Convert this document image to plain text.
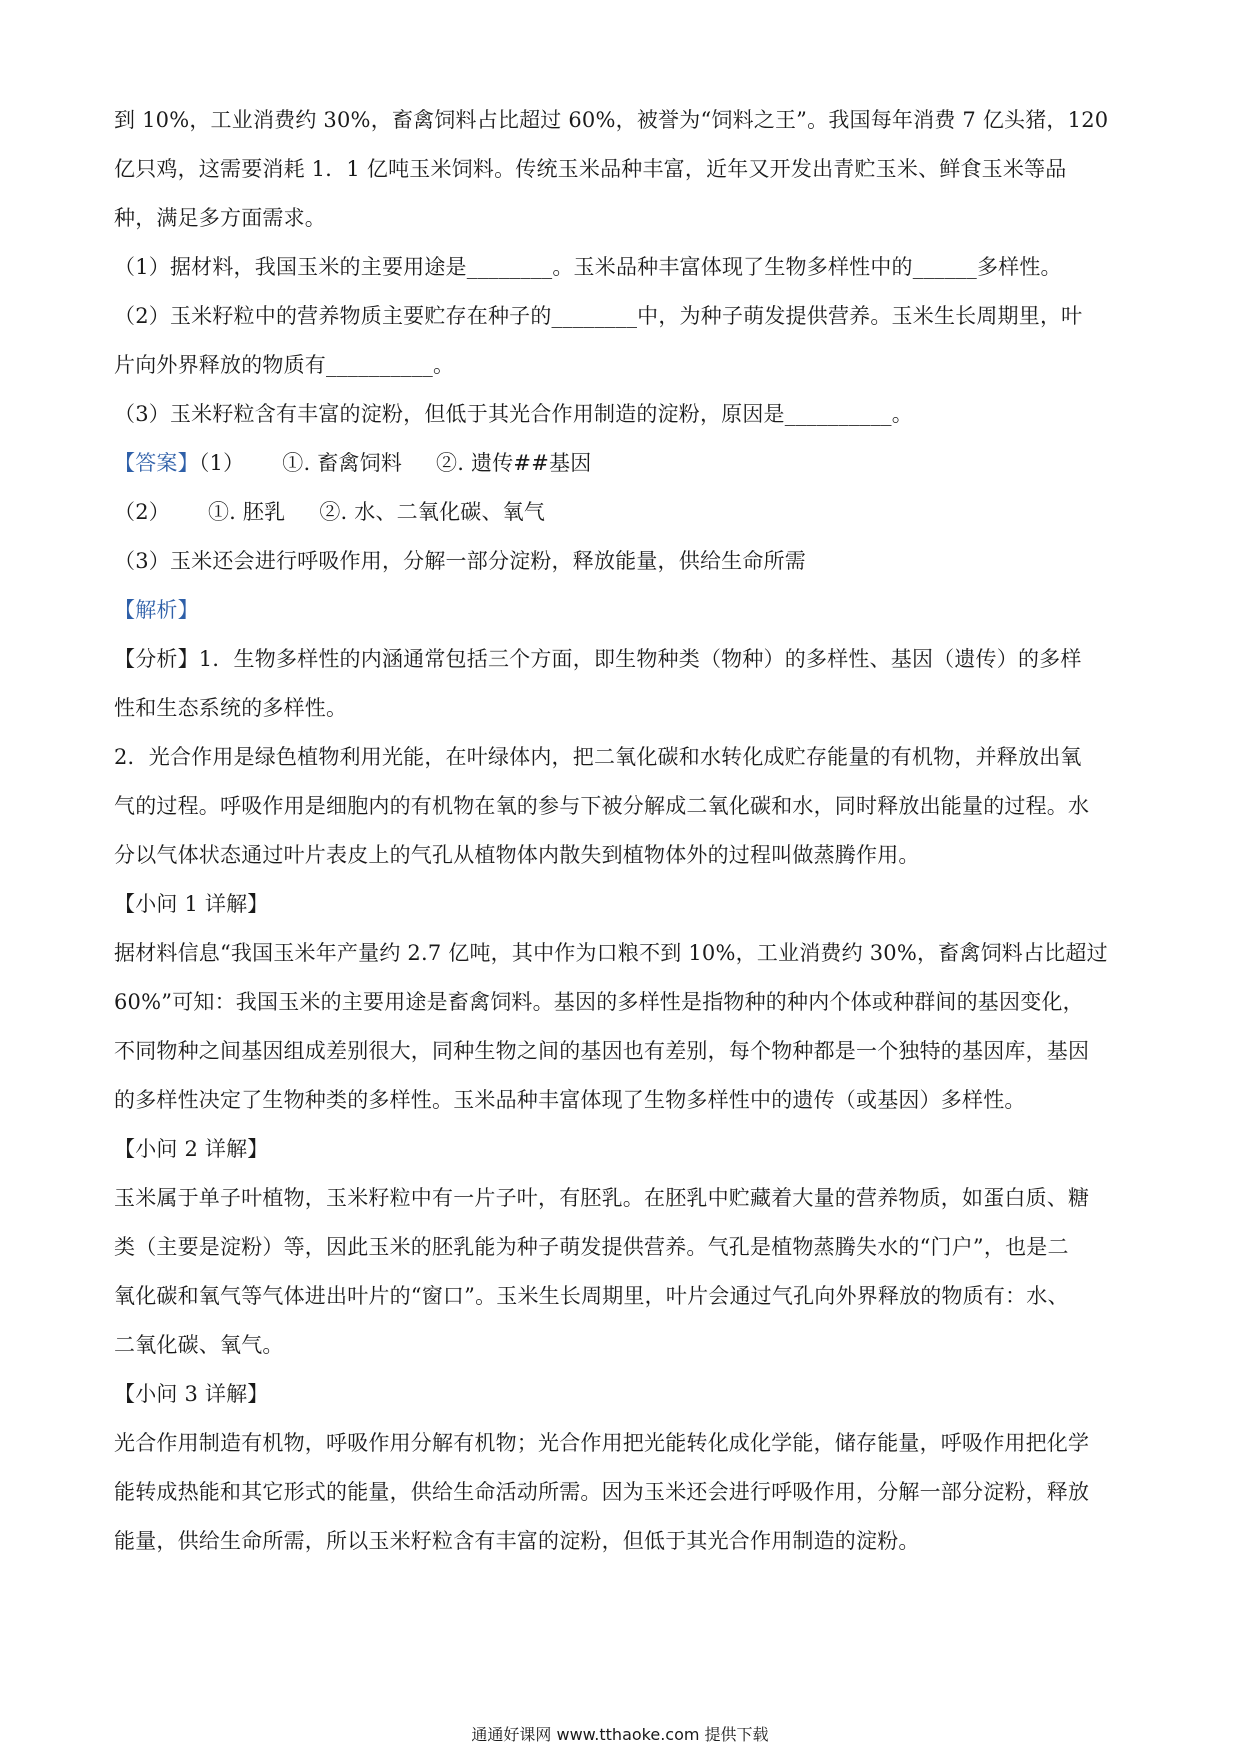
到 10%，工业消费约 30%，畜禽饲料占比超过 60%，被誉为“饲料之王”。我国每年消费 7 亿头猪，120
亿只鸡，这需要消耗 1．1 亿吨玉米饲料。传统玉米品种丰富，近年又开发出青贮玉米、鲜食玉米等品
种，满足多方面需求。
（1）据材料，我国玉米的主要用途是________。玉米品种丰富体现了生物多样性中的______多样性。
（2）玉米籽粒中的营养物质主要贮存在种子的________中，为种子萌发提供营养。玉米生长周期里，叶
片向外界释放的物质有__________。
（3）玉米籽粒含有丰富的淀粉，但低于其光合作用制造的淀粉，原因是__________。
【答案】（1） ①. 畜禽饲料 ②. 遗传##基因
（2） ①. 胚乳 ②. 水、二氧化碳、氧气
（3）玉米还会进行呼吸作用，分解一部分淀粉，释放能量，供给生命所需
【解析】
【分析】1．生物多样性的内涵通常包括三个方面，即生物种类（物种）的多样性、基因（遗传）的多样
性和生态系统的多样性。
2．光合作用是绿色植物利用光能，在叶绿体内，把二氧化碳和水转化成贮存能量的有机物，并释放出氧
气的过程。呼吸作用是细胞内的有机物在氧的参与下被分解成二氧化碳和水，同时释放出能量的过程。水
分以气体状态通过叶片表皮上的气孔从植物体内散失到植物体外的过程叫做蒸腾作用。
【小问 1 详解】
据材料信息“我国玉米年产量约 2.7 亿吨，其中作为口粮不到 10%，工业消费约 30%，畜禽饲料占比超过
60%”可知：我国玉米的主要用途是畜禽饲料。基因的多样性是指物种的种内个体或种群间的基因变化，
不同物种之间基因组成差别很大，同种生物之间的基因也有差别，每个物种都是一个独特的基因库，基因
的多样性决定了生物种类的多样性。玉米品种丰富体现了生物多样性中的遗传（或基因）多样性。
【小问 2 详解】
玉米属于单子叶植物，玉米籽粒中有一片子叶，有胚乳。在胚乳中贮藏着大量的营养物质，如蛋白质、糖
类（主要是淀粉）等，因此玉米的胚乳能为种子萌发提供营养。气孔是植物蒸腾失水的“门户”，也是二
氧化碳和氧气等气体进出叶片的“窗口”。玉米生长周期里，叶片会通过气孔向外界释放的物质有：水、
二氧化碳、氧气。
【小问 3 详解】
光合作用制造有机物，呼吸作用分解有机物；光合作用把光能转化成化学能，储存能量，呼吸作用把化学
能转成热能和其它形式的能量，供给生命活动所需。因为玉米还会进行呼吸作用，分解一部分淀粉，释放
能量，供给生命所需，所以玉米籽粒含有丰富的淀粉，但低于其光合作用制造的淀粉。
通通好课网 www.tthaoke.com 提供下载
